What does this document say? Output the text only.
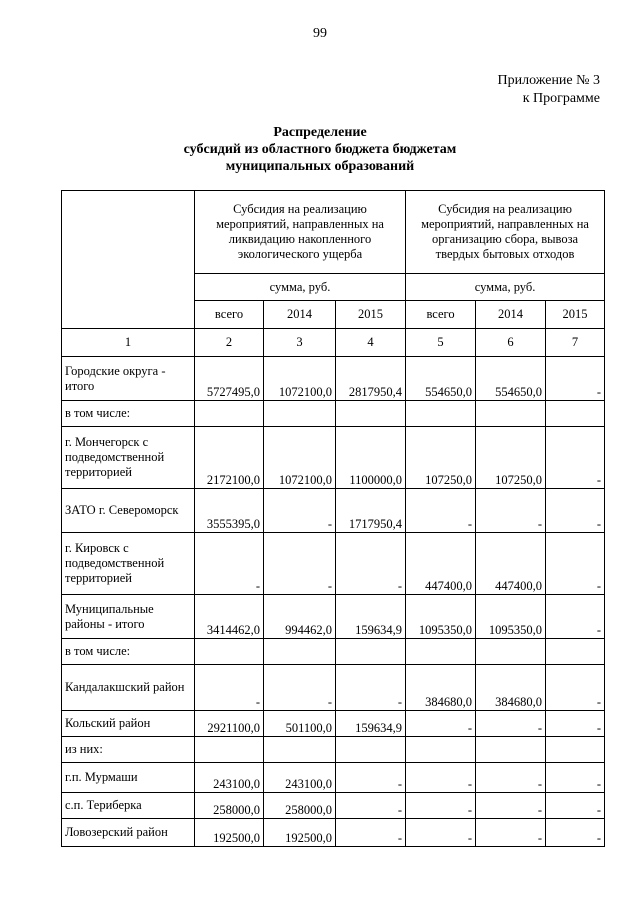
99
Приложение № 3
к Программе
Распределение
субсидий из областного бюджета бюджетам
муниципальных образований
	Субсидия на реализацию мероприятий, направленных на ликвидацию накопленного экологического ущерба			Субсидия на реализацию мероприятий, направленных на организацию сбора, вывоза твердых бытовых отходов		
	сумма, руб.			сумма, руб.		
	всего	2014	2015	всего	2014	2015
1	2	3	4	5	6	7
Городские округа - итого	5727495,0	1072100,0	2817950,4	554650,0	554650,0	-
в том числе:						
г. Мончегорск с подведомственной территорией	2172100,0	1072100,0	1100000,0	107250,0	107250,0	-
ЗАТО г. Североморск	3555395,0	-	1717950,4	-	-	-
г. Кировск с подведомственной территорией	-	-	-	447400,0	447400,0	-
Муниципальные районы - итого	3414462,0	994462,0	159634,9	1095350,0	1095350,0	-
в том числе:						
Кандалакшский район	-	-	-	384680,0	384680,0	-
Кольский район	2921100,0	501100,0	159634,9	-	-	-
из них:						
г.п. Мурмаши	243100,0	243100,0	-	-	-	-
с.п. Териберка	258000,0	258000,0	-	-	-	-
Ловозерский район	192500,0	192500,0	-	-	-	-
